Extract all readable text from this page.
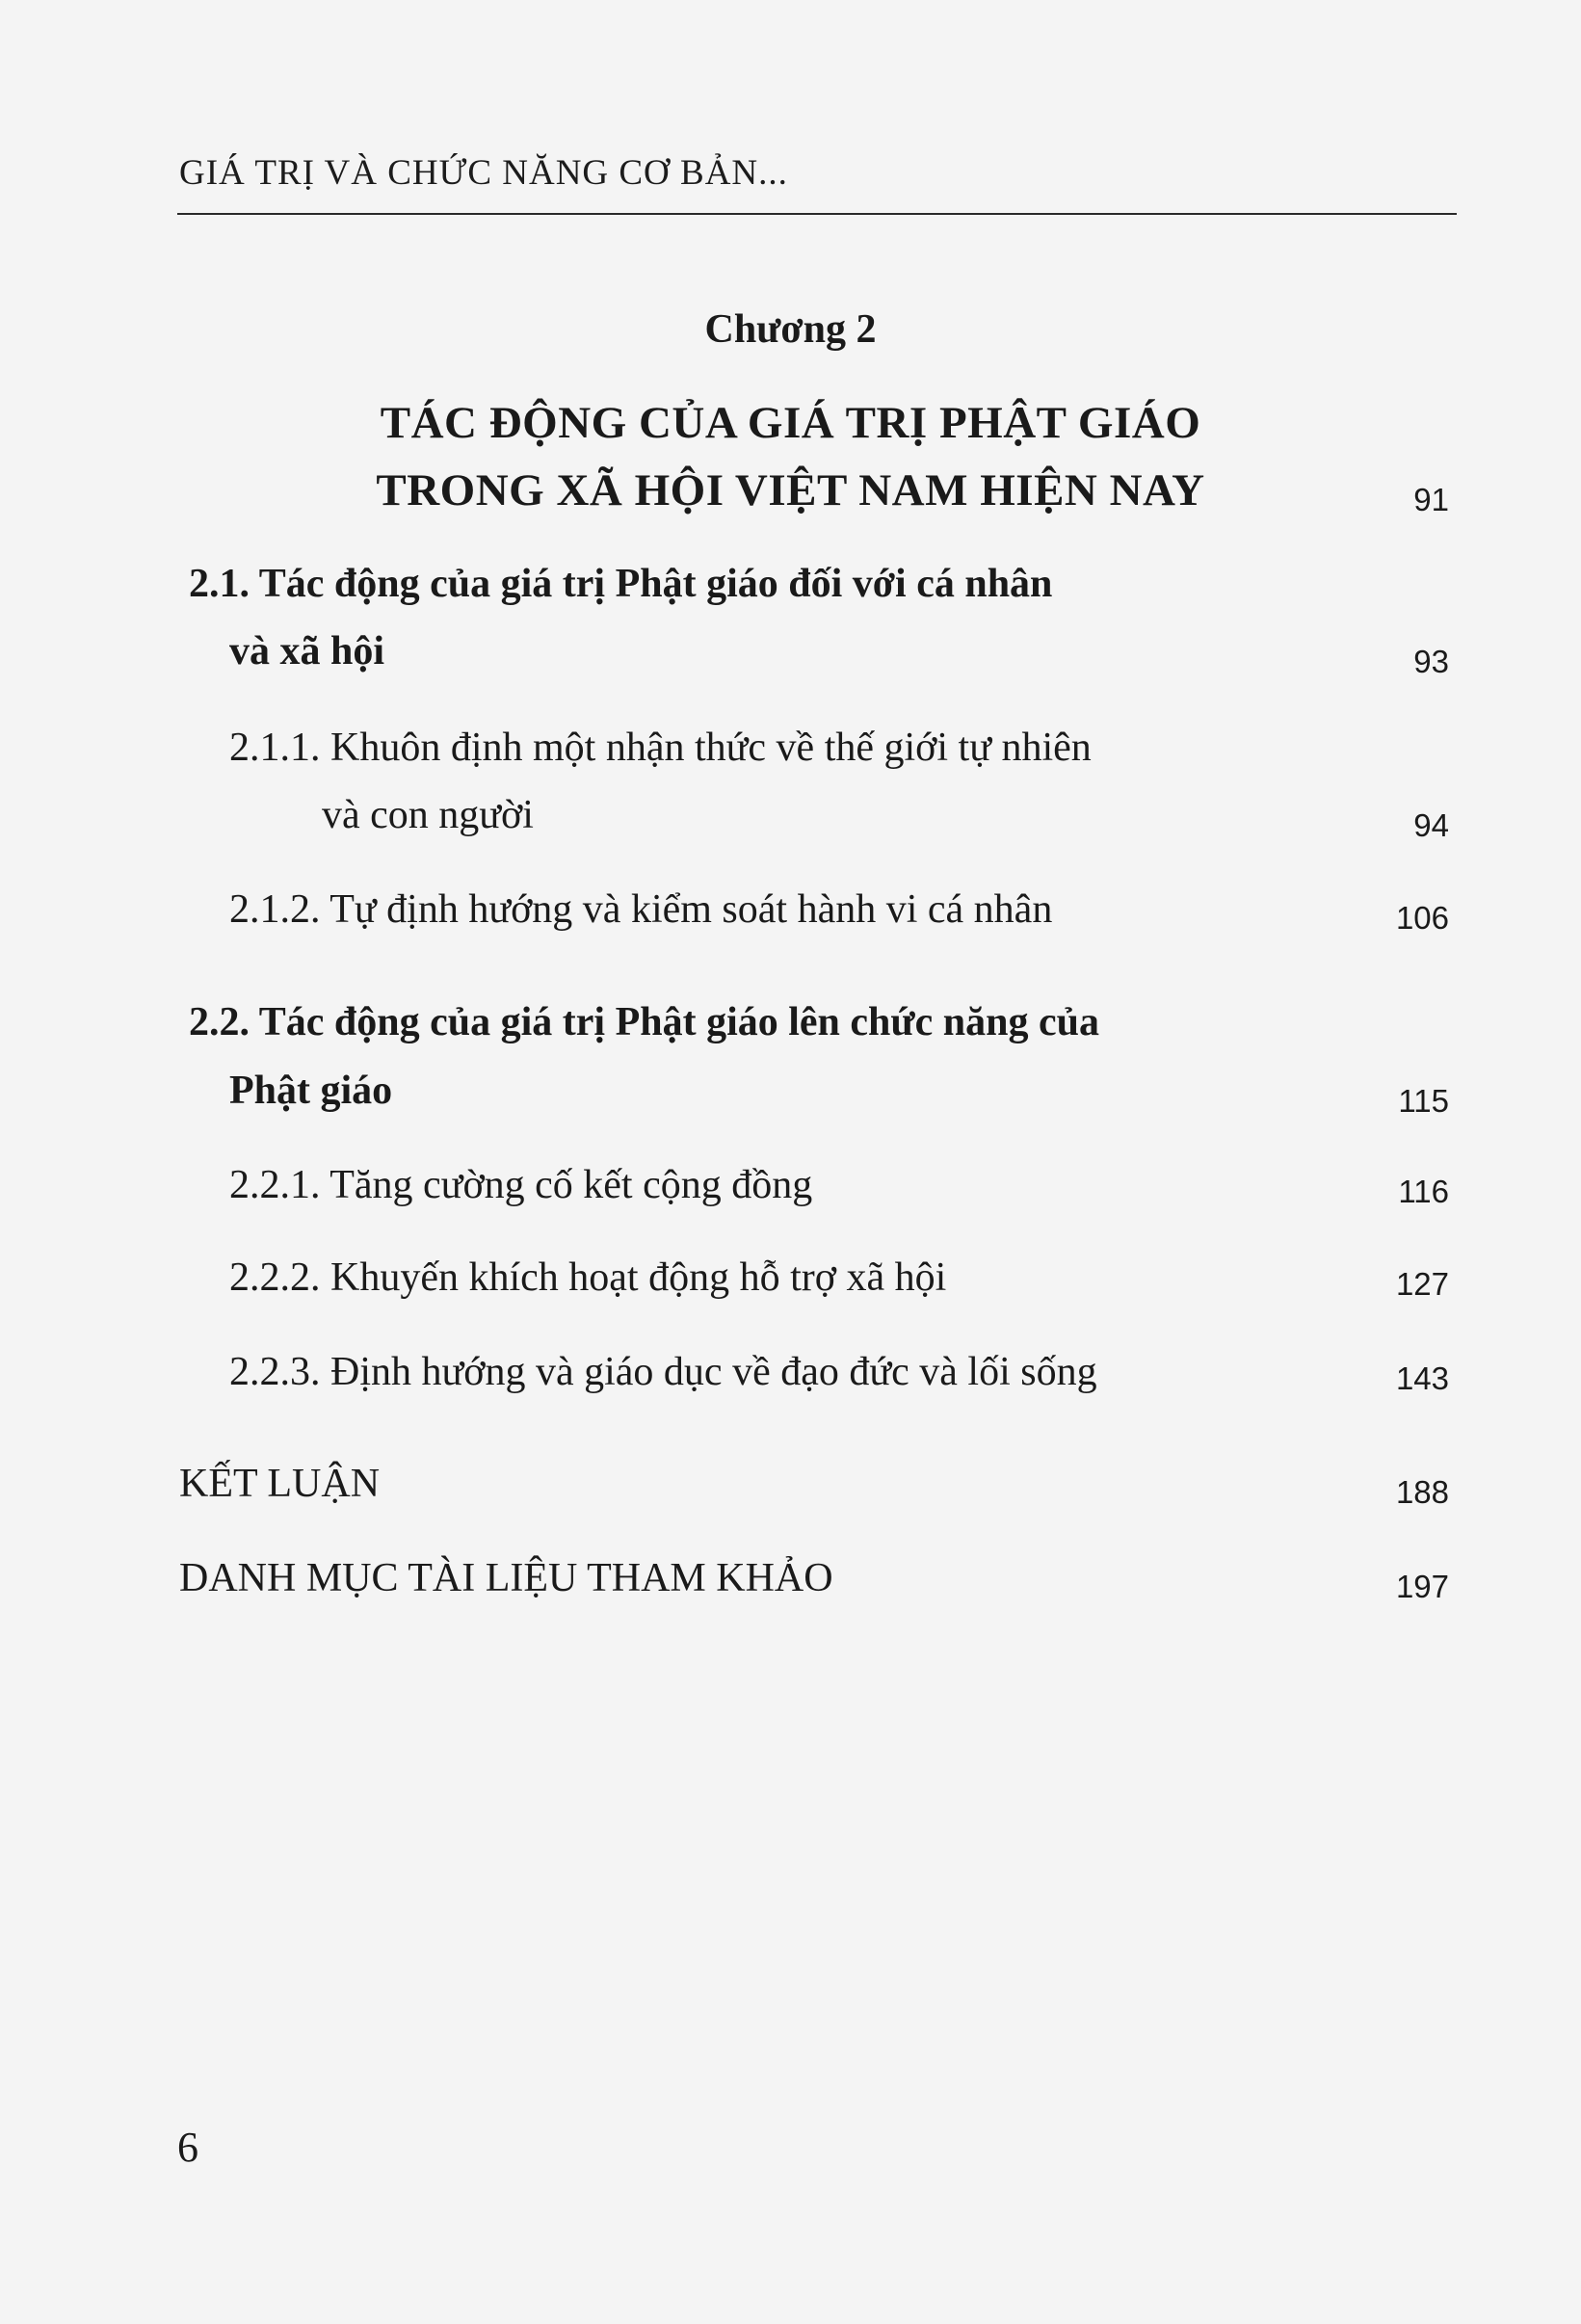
GIÁ TRỊ VÀ CHỨC NĂNG CƠ BẢN...
Chương 2
TÁC ĐỘNG CỦA GIÁ TRỊ PHẬT GIÁO
TRONG XÃ HỘI VIỆT NAM HIỆN NAY	91
2.1. Tác động của giá trị Phật giáo đối với cá nhân
và xã hội	93
2.1.1. Khuôn định một nhận thức về thế giới tự nhiên
và con người	94
2.1.2. Tự định hướng và kiểm soát hành vi cá nhân	106
2.2. Tác động của giá trị Phật giáo lên chức năng của
Phật giáo	115
2.2.1. Tăng cường cố kết cộng đồng	116
2.2.2. Khuyến khích hoạt động hỗ trợ xã hội	127
2.2.3. Định hướng và giáo dục về đạo đức và lối sống	143
KẾT LUẬN	188
DANH MỤC TÀI LIỆU THAM KHẢO	197
6
